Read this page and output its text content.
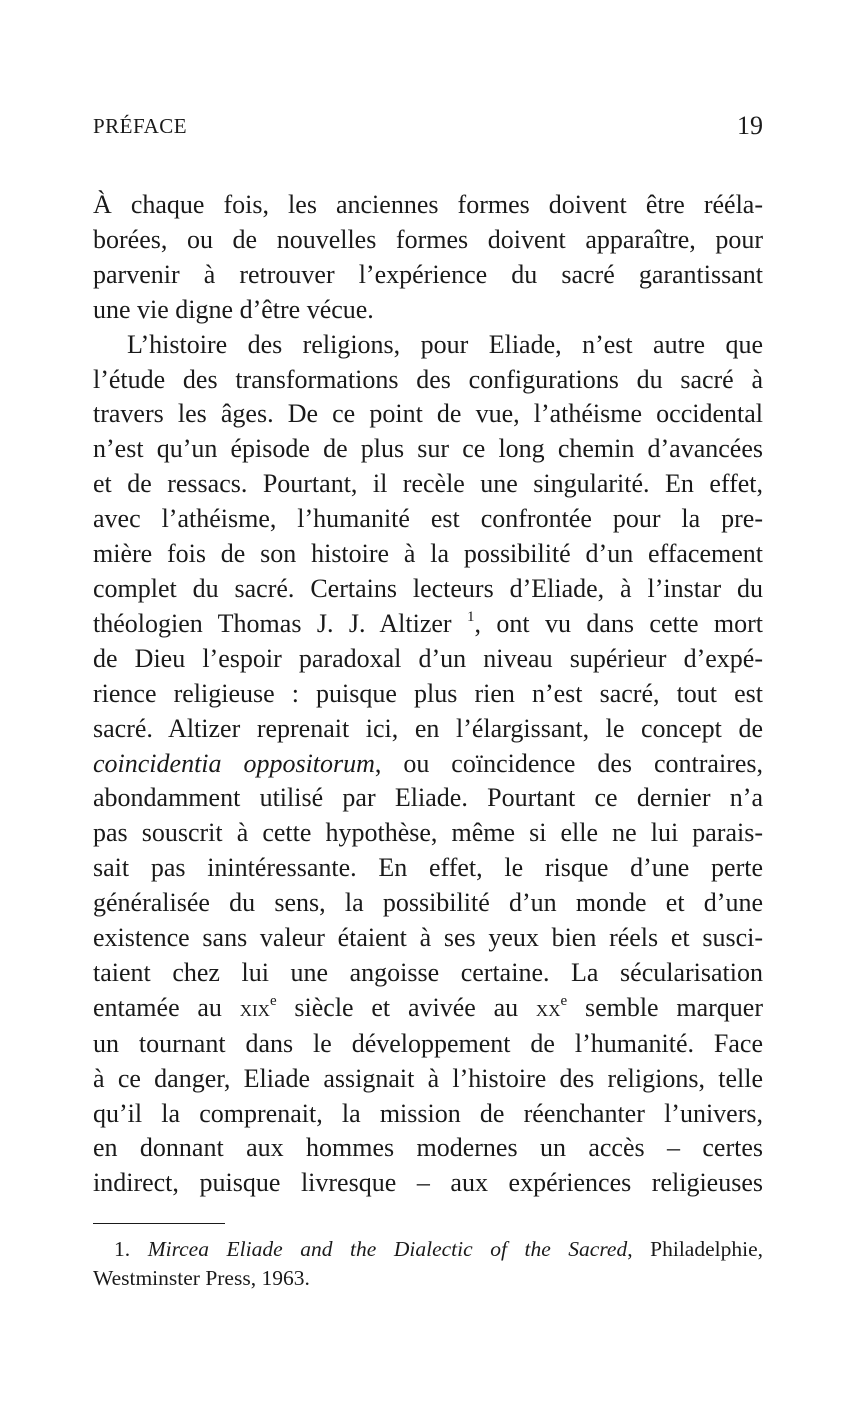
PRÉFACE	19

À chaque fois, les anciennes formes doivent être rééla-
borées, ou de nouvelles formes doivent apparaître, pour
parvenir à retrouver l’expérience du sacré garantissant
une vie digne d’être vécue.

L’histoire des religions, pour Eliade, n’est autre que
l’étude des transformations des configurations du sacré à
travers les âges. De ce point de vue, l’athéisme occidental
n’est qu’un épisode de plus sur ce long chemin d’avancées
et de ressacs. Pourtant, il recèle une singularité. En effet,
avec l’athéisme, l’humanité est confrontée pour la pre-
mière fois de son histoire à la possibilité d’un effacement
complet du sacré. Certains lecteurs d’Eliade, à l’instar du
théologien Thomas J. J. Altizer $^1$, ont vu dans cette mort
de Dieu l’espoir paradoxal d’un niveau supérieur d’expé-
rience religieuse : puisque plus rien n’est sacré, tout est
sacré. Altizer reprenait ici, en l’élargissant, le concept de
coincidentia oppositorum, ou coïncidence des contraires,
abondamment utilisé par Eliade. Pourtant ce dernier n’a
pas souscrit à cette hypothèse, même si elle ne lui parais-
sait pas inintéressante. En effet, le risque d’une perte
généralisée du sens, la possibilité d’un monde et d’une
existence sans valeur étaient à ses yeux bien réels et susci-
taient chez lui une angoisse certaine. La sécularisation
entamée au xix$^e$ siècle et avivée au $xx^e$ semble marquer
un tournant dans le développement de l’humanité. Face
à ce danger, Eliade assignait à l’histoire des religions, telle
qu’il la comprenait, la mission de réenchanter l’univers,
en donnant aux hommes modernes un accès – certes
indirect, puisque livresque – aux expériences religieuses

1. Mircea Eliade and the Dialectic of the Sacred, Philadelphie,
Westminster Press, 1963.
